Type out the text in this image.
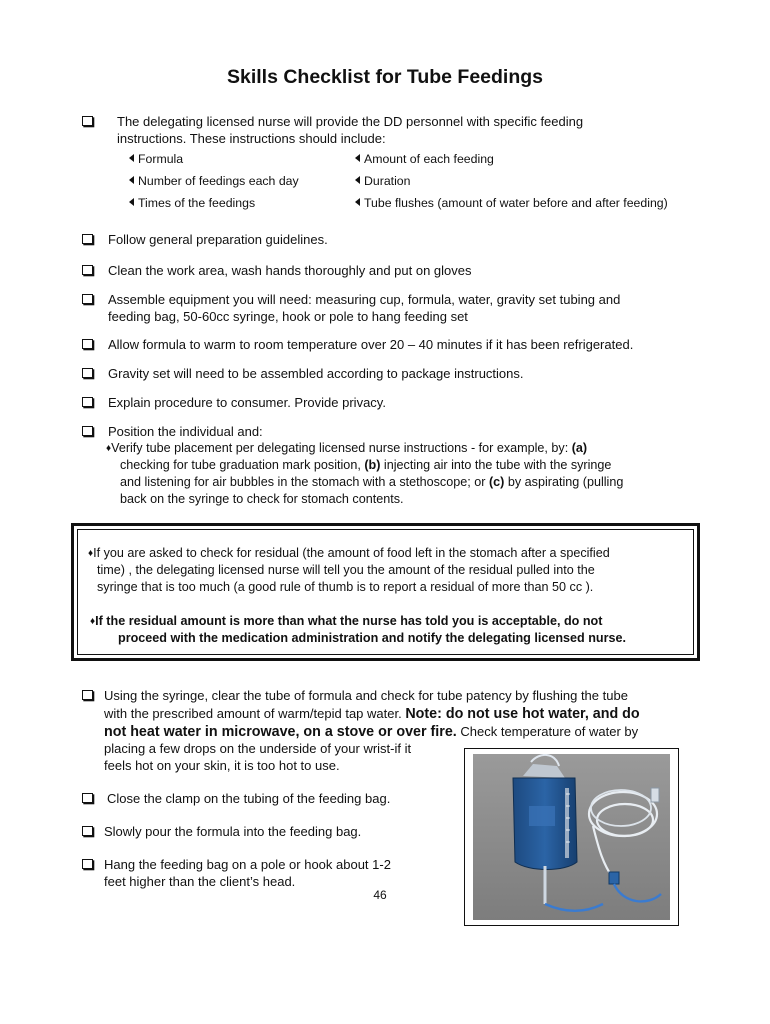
Skills Checklist for Tube Feedings
The delegating licensed nurse will provide the DD personnel with specific feeding
instructions. These instructions should include:
Formula
Number of feedings each day
Times of the feedings
Amount of each feeding
Duration
Tube flushes (amount of water before and after feeding)
Follow general preparation guidelines.
Clean the work area, wash hands thoroughly and put on gloves
Assemble equipment you will need: measuring cup, formula, water, gravity set tubing and
feeding bag, 50-60cc syringe, hook or pole to hang feeding set
Allow formula to warm to room temperature over 20 – 40 minutes if it has been refrigerated.
Gravity set will need to be assembled according to package instructions.
Explain procedure to consumer. Provide privacy.
Position the individual and:
♦Verify tube placement per delegating licensed nurse instructions - for example, by: (a)
checking for tube graduation mark position, (b) injecting air into the tube with the syringe
and listening for air bubbles in the stomach with a stethoscope; or (c) by aspirating (pulling
back on the syringe to check for stomach contents.
♦If you are asked to check for residual (the amount of food left in the stomach after a specified
time) , the delegating licensed nurse will tell you the amount of the residual pulled into the
syringe that is too much (a good rule of thumb is to report a residual of more than 50 cc ).
♦If the residual amount is more than what the nurse has told you is acceptable, do not
proceed with the medication administration and notify the delegating licensed nurse.
Using the syringe, clear the tube of formula and check for tube patency by flushing the tube
with the prescribed amount of warm/tepid tap water. Note: do not use hot water, and do
not heat water in microwave, on a stove or over fire. Check temperature of water by
placing a few drops on the underside of your wrist-if it
feels hot on your skin, it is too hot to use.
Close the clamp on the tubing of the feeding bag.
Slowly pour the formula into the feeding bag.
Hang the feeding bag on a pole or hook about 1-2
feet higher than the client’s head.
46
